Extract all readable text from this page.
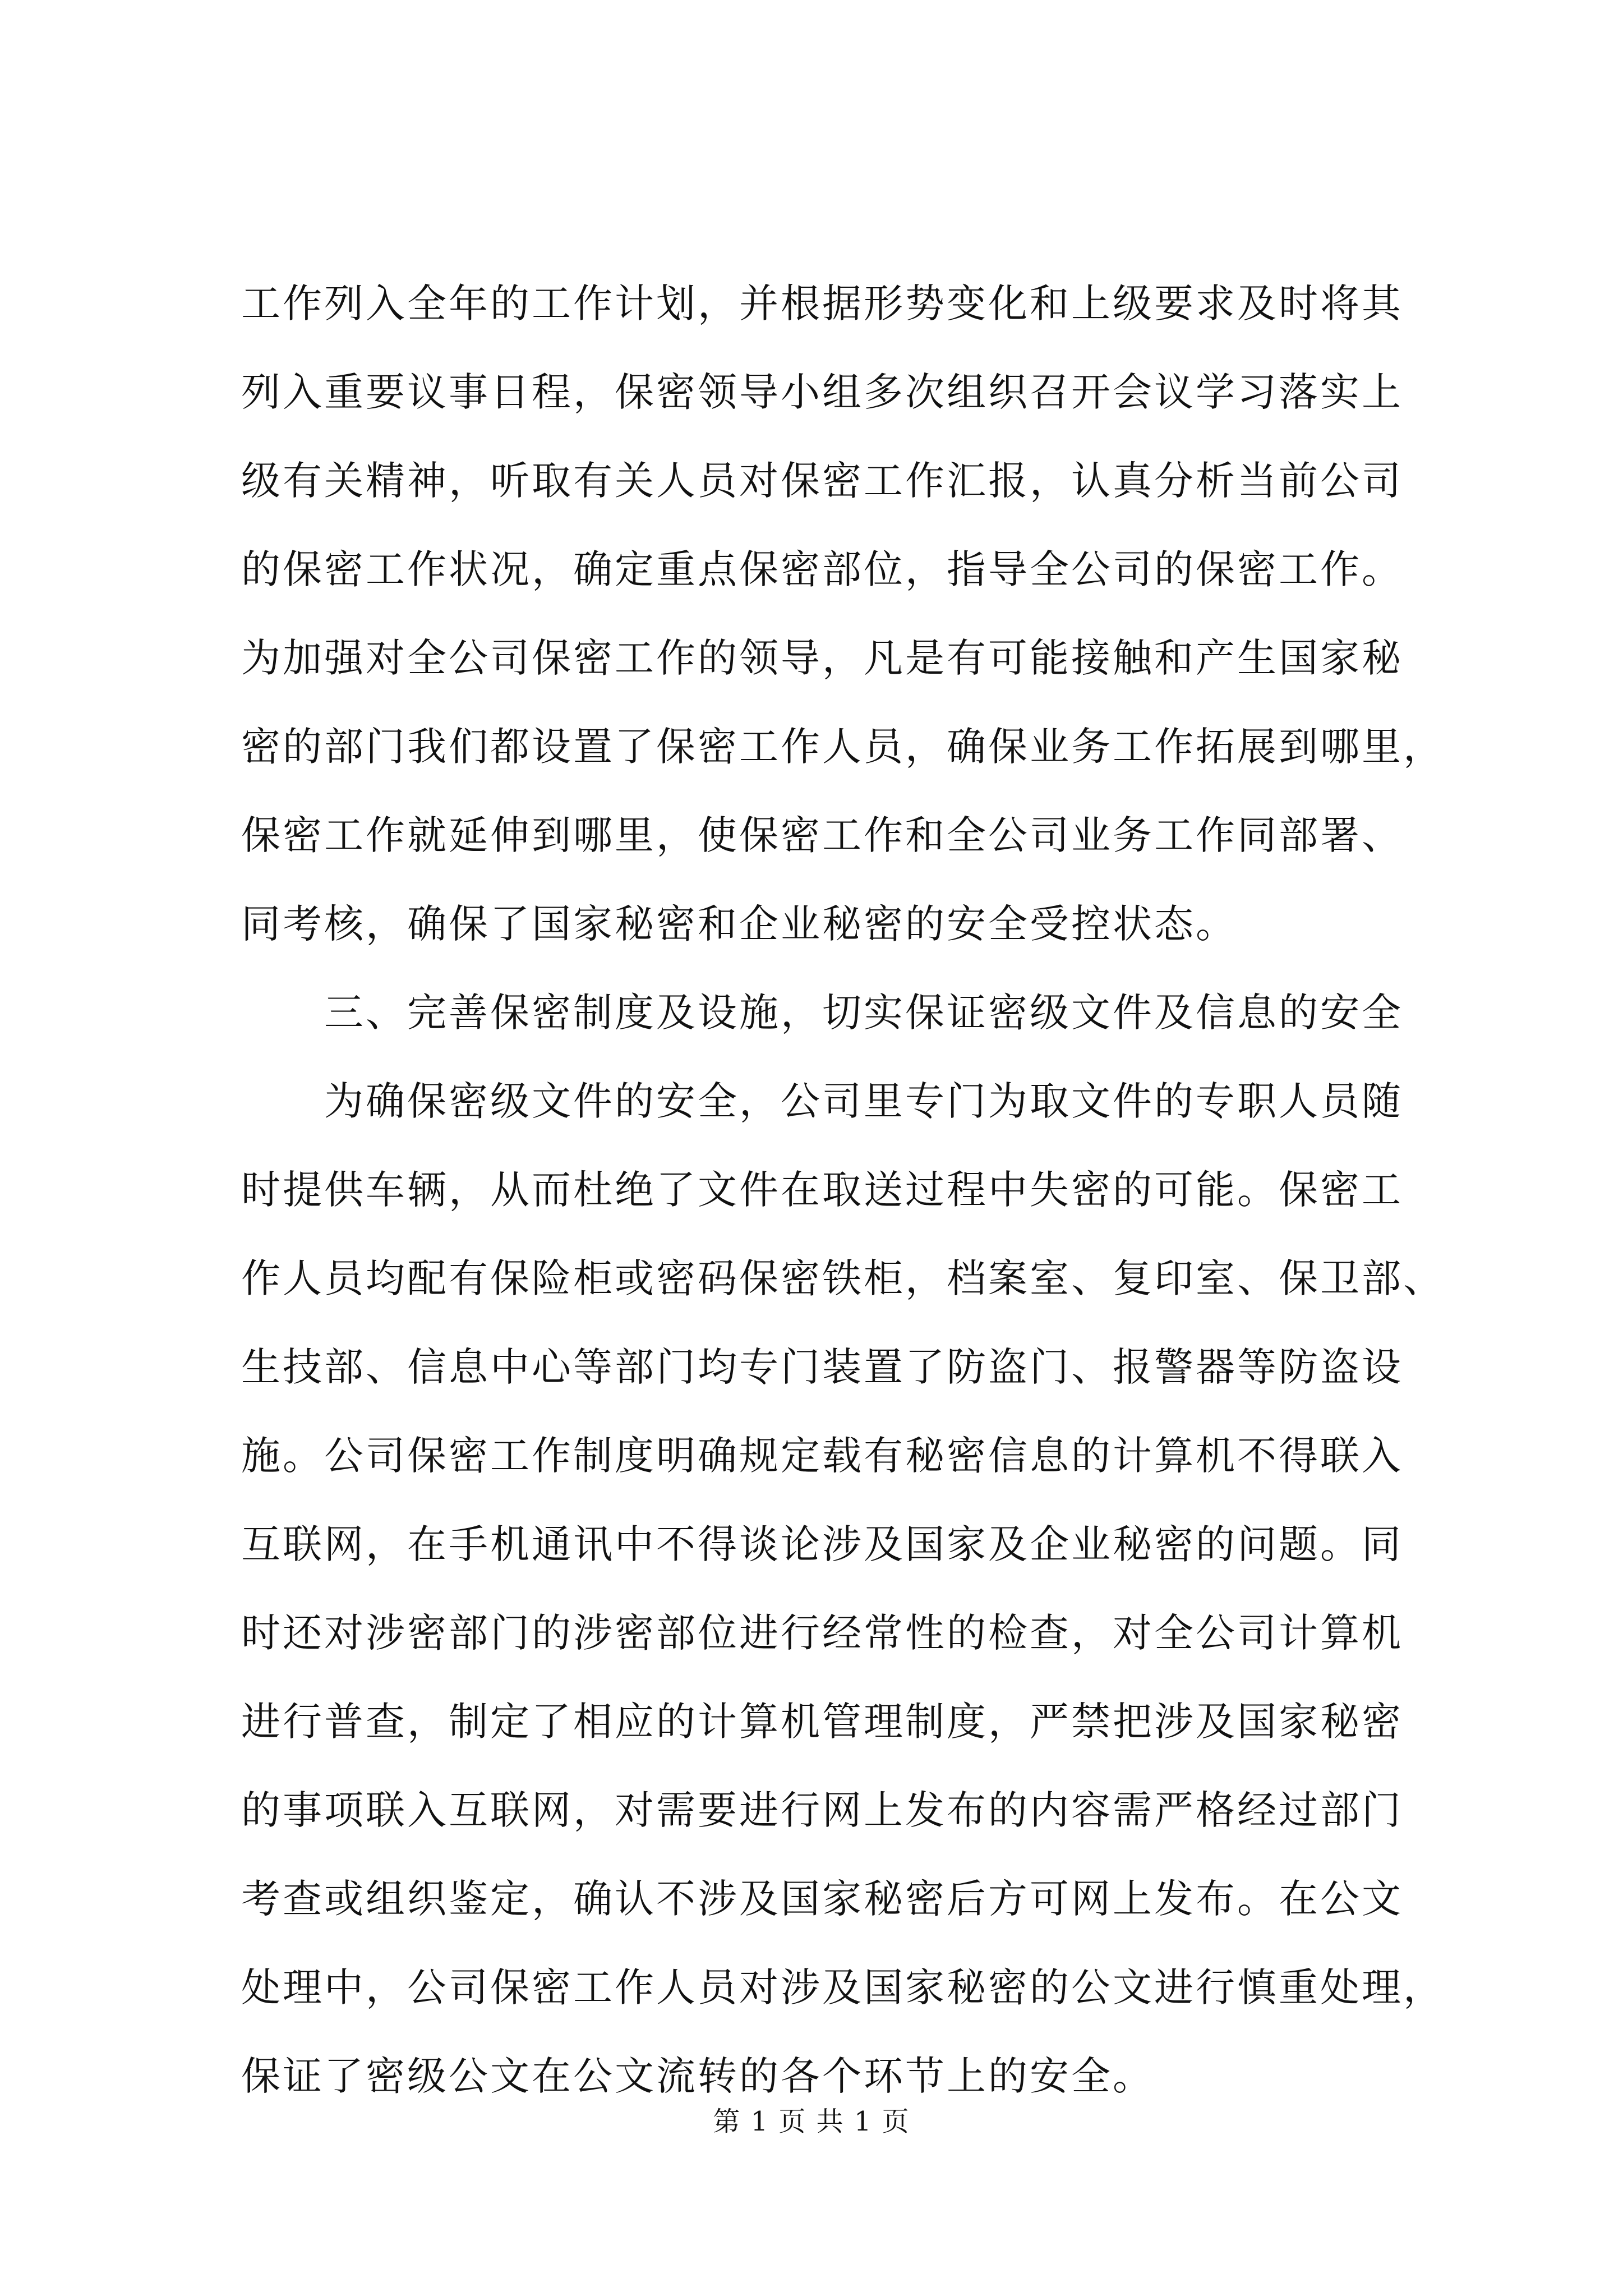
工作列入全年的工作计划，并根据形势变化和上级要求及时将其
列入重要议事日程，保密领导小组多次组织召开会议学习落实上
级有关精神，听取有关人员对保密工作汇报，认真分析当前公司
的保密工作状况，确定重点保密部位，指导全公司的保密工作。
为加强对全公司保密工作的领导，凡是有可能接触和产生国家秘
密的部门我们都设置了保密工作人员，确保业务工作拓展到哪里，
保密工作就延伸到哪里，使保密工作和全公司业务工作同部署、
同考核，确保了国家秘密和企业秘密的安全受控状态。
三、完善保密制度及设施，切实保证密级文件及信息的安全
为确保密级文件的安全，公司里专门为取文件的专职人员随
时提供车辆，从而杜绝了文件在取送过程中失密的可能。保密工
作人员均配有保险柜或密码保密铁柜，档案室、复印室、保卫部、
生技部、信息中心等部门均专门装置了防盗门、报警器等防盗设
施。公司保密工作制度明确规定载有秘密信息的计算机不得联入
互联网，在手机通讯中不得谈论涉及国家及企业秘密的问题。同
时还对涉密部门的涉密部位进行经常性的检查，对全公司计算机
进行普查，制定了相应的计算机管理制度，严禁把涉及国家秘密
的事项联入互联网，对需要进行网上发布的内容需严格经过部门
考查或组织鉴定，确认不涉及国家秘密后方可网上发布。在公文
处理中，公司保密工作人员对涉及国家秘密的公文进行慎重处理，
保证了密级公文在公文流转的各个环节上的安全。
第 1 页 共 1 页
